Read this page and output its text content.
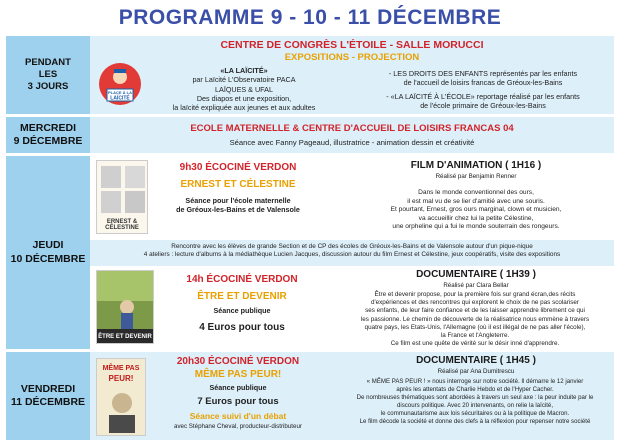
PROGRAMME 9 - 10 - 11 DÉCEMBRE
PENDANT
LES
3 JOURS
CENTRE DE CONGRÈS L'ÉTOILE - SALLE MORUCCI
EXPOSITIONS - PROJECTION
PLACE À LA
LAÏCITÉ
«LA LAÏCITÉ»
par Laïcité L'Observatoire PACA
LAÏQUES & UFAL
Des diapos et une exposition,
la laïcité expliquée aux jeunes et aux adultes
- LES DROITS DES ENFANTS représentés par les enfants
de l'accueil de loisirs francas de Gréoux-les-Bains
- «LA LAÏCITÉ À L'ÉCOLE» reportage réalisé par les enfants
de l'école primaire de Gréoux-les-Bains
MERCREDI
9 DÉCEMBRE
ECOLE MATERNELLE & CENTRE D'ACCUEIL DE LOISIRS FRANCAS 04
Séance avec Fanny Pageaud, illustratrice - animation dessin et créativité
JEUDI
10 DÉCEMBRE
ERNEST & CÉLESTINE
9h30 ÉCOCINÉ VERDON
ERNEST ET CÉLESTINE
Séance pour l'école maternelle
de Gréoux-les-Bains et de Valensole
FILM D'ANIMATION ( 1H16 )
Réalisé par Benjamin Renner
Dans le monde conventionnel des ours,
il est mal vu de se lier d'amitié avec une souris.
Et pourtant, Ernest, gros ours marginal, clown et musicien,
va accueillir chez lui la petite Célestine,
une orpheline qui a fui le monde souterrain des rongeurs.
Rencontre avec les élèves de grande Section et de CP des écoles de Gréoux-les-Bains et de Valensole autour d'un pique-nique
4 ateliers : lecture d'albums à la médiathèque Lucien Jacques, discussion autour du film Ernest et Célestine, jeux coopératifs, visite des expositions
ÊTRE ET DEVENIR
14h ÉCOCINÉ VERDON
ÊTRE ET DEVENIR
Séance publique
4 Euros pour tous
DOCUMENTAIRE ( 1H39 )
Réalisé par Clara Bellar
Être et devenir propose, pour la première fois sur grand écran,des récits
d'expériences et des rencontres qui explorent le choix de ne pas scolariser
ses enfants, de leur faire confiance et de les laisser apprendre librement ce qui
les passionne. Le chemin de découverte de la réalisatrice nous emmène à travers
quatre pays, les Etats-Unis, l'Allemagne (où il est illégal de ne pas aller l'école),
la France et l'Angleterre.
Ce film est une quête de vérité sur le désir inné d'apprendre.
VENDREDI
11 DÉCEMBRE
MÊME PAS
PEUR!
20h30 ÉCOCINÉ VERDON
MÊME PAS PEUR!
Séance publique
7 Euros pour tous
Séance suivi d'un débat
avec Stéphane Cheval, producteur-distributeur
DOCUMENTAIRE ( 1H45 )
Réalisé par Ana Dumitrescu
« MÊME PAS PEUR ! » nous interroge sur notre société. Il démarre le 12 janvier
après les attentats de Charlie Hebdo et de l'Hyper Cacher.
De nombreuses thématiques sont abordées à travers un seul axe : la peur induite par le
discours politique. Avec 20 intervenants, on relie la laïcité,
le communautarisme aux lois sécuritaires ou à la politique de Macron.
Le film décode la société et donne des clefs à la réflexion pour repenser notre société
